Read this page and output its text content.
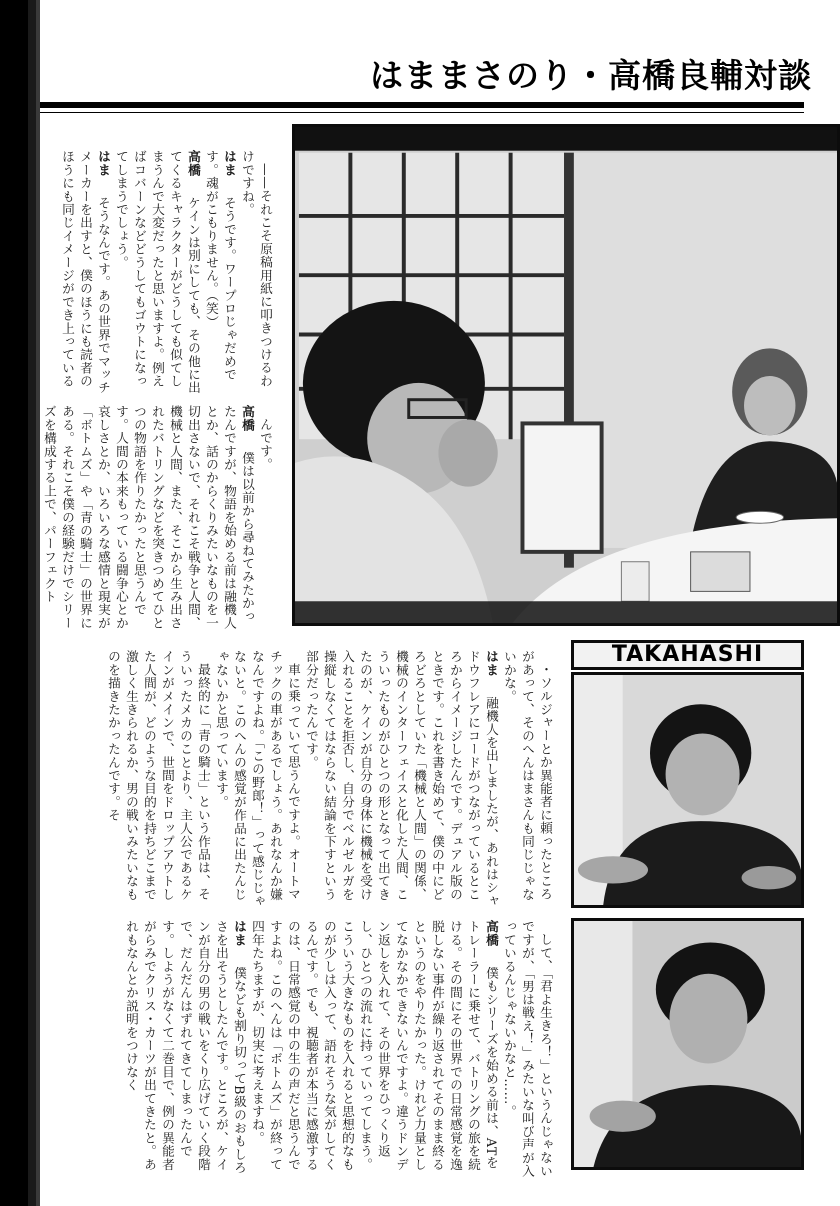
はままさのり・高橋良輔対談

——それこそ原稿用紙に叩きつけるわけですね。

はま　そうです。ワープロじゃだめです。魂がこもりません。（笑）

高橋　ケインは別にしても、その他に出てくるキャラクターがどうしても似てしまうんで大変だったと思いますよ。例えばコバーンなどどうしてもゴウトになってしまうでしょう。

はま　そうなんです。あの世界でマッチメーカーを出すと、僕のほうにも読者のほうにも同じイメージができ上っている

んです。

高橋　僕は以前から尋ねてみたかったんですが、物語を始める前は融機人とか、話のからくりみたいなものを一切出さないで、それこそ戦争と人間、機械と人間、また、そこから生み出されたバトリングなどを突きつめてひとつの物語を作りたかったと思うんです。人間の本来もっている闘争心とか哀しさとか、いろいろな感情と現実が「ボトムズ」や「青の騎士」の世界にある。それこそ僕の経験だけでシリーズを構成する上で、パーフェクト

・ソルジャーとか異能者に頼ったところがあって、そのへんはまさんも同じじゃないかな。

はま　融機人を出しましたが、あれはシャドウフレアにコードがつながっているところからイメージしたんです。デュアル版のときです。これを書き始めて、僕の中にどろどろとしていた「機械と人間」の関係、機械のインターフェイスと化した人間、こういったものがひとつの形となって出てきたのが、ケインが自分の身体に機械を受け入れることを拒否し、自分でベルゼルガを操縦しなくてはならない結論を下すという部分だったんです。

車に乗っていて思うんですよ。オートマチックの車があるでしょう。あれなんか嫌なんですよね。「この野郎！」って感じじゃないと。このへんの感覚が作品に出たんじゃないかと思っています。

最終的に「青の騎士」という作品は、そういったメカのことより、主人公であるケインがメインで、世間をドロップアウトした人間が、どのような目的を持ちどこまで激しく生きられるか、男の戦いみたいなものを描きたかったんです。そ

して、「君よ生きろ！」というんじゃないですが、「男は戦え！」みたいな叫び声が入っているんじゃないかなと……。

高橋　僕もシリーズを始める前は、ATをトレーラーに乗せて、バトリングの旅を続ける。その間にその世界での日常感覚を逸脱しない事件が繰り返されてそのまま終るというのをやりたかった。けれど力量としてなかなかできないんですよ。違うドンデン返しを入れて、その世界をひっくり返し、ひとつの流れに持っていってしまう。こういう大きなものを入れると思想的なものが少しは入って、語れそうな気がしてくるんです。でも、視聴者が本当に感激するのは、日常感覚の中の生の声だと思うんですよね。このへんは「ボトムズ」が終って四年たちますが、切実に考えますね。

はま　僕なども割り切ってB級のおもしろさを出そうとしたんです。ところが、ケインが自分の男の戦いをくり広げていく段階で、だんだんはずれてきてしまったんです。しようがなくて二巻目で、例の異能者がらみでクリス・カーツが出てきたと。あれもなんとか説明をつけなく

TAKAHASHI
